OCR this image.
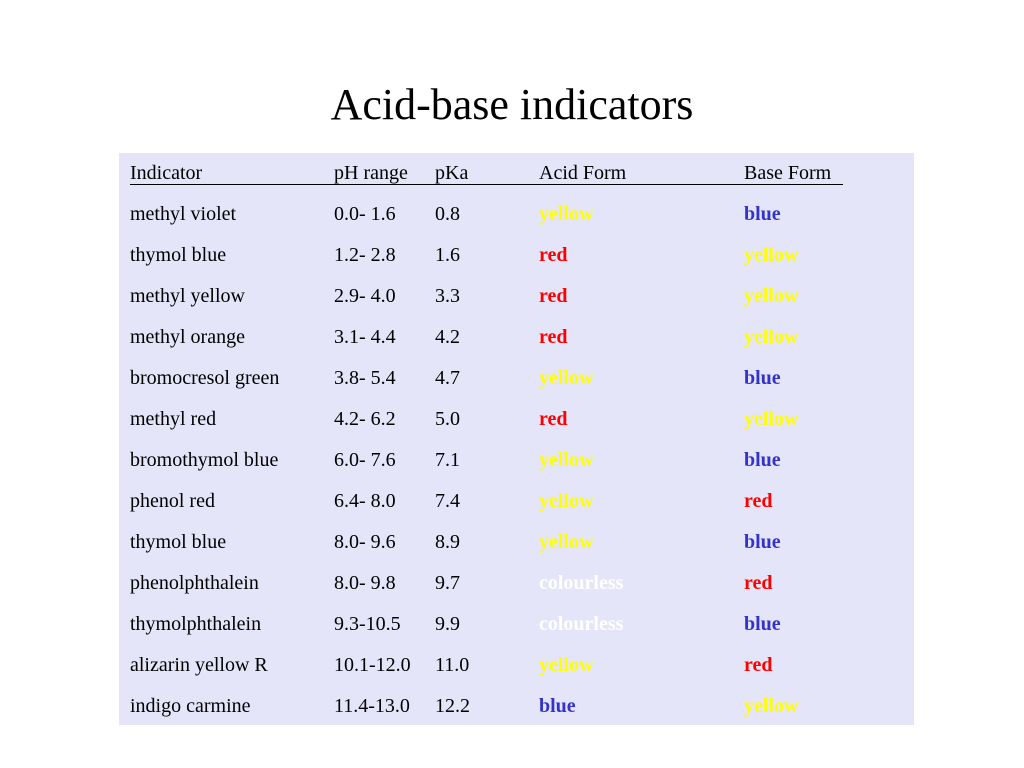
Acid-base indicators
Indicator	pH range pKa	Acid Form	Base Form
methyl violet	0.0- 1.6 0.8	yellow	blue
thymol blue	1.2- 2.8 1.6	red	yellow
methyl yellow	2.9- 4.0 3.3	red	yellow
methyl orange	3.1- 4.4 4.2	red	yellow
bromocresol green	3.8- 5.4 4.7	yellow	blue
methyl red	4.2- 6.2 5.0	red	yellow
bromothymol blue	6.0- 7.6 7.1	yellow	blue
phenol red	6.4- 8.0 7.4	yellow	red
thymol blue	8.0- 9.6 8.9	yellow	blue
phenolphthalein	8.0- 9.8 9.7	colourless	red
thymolphthalein	9.3-10.5 9.9	colourless	blue
alizarin yellow R	10.1-12.0 11.0	yellow	red
indigo carmine	11.4-13.0 12.2	blue	yellow
